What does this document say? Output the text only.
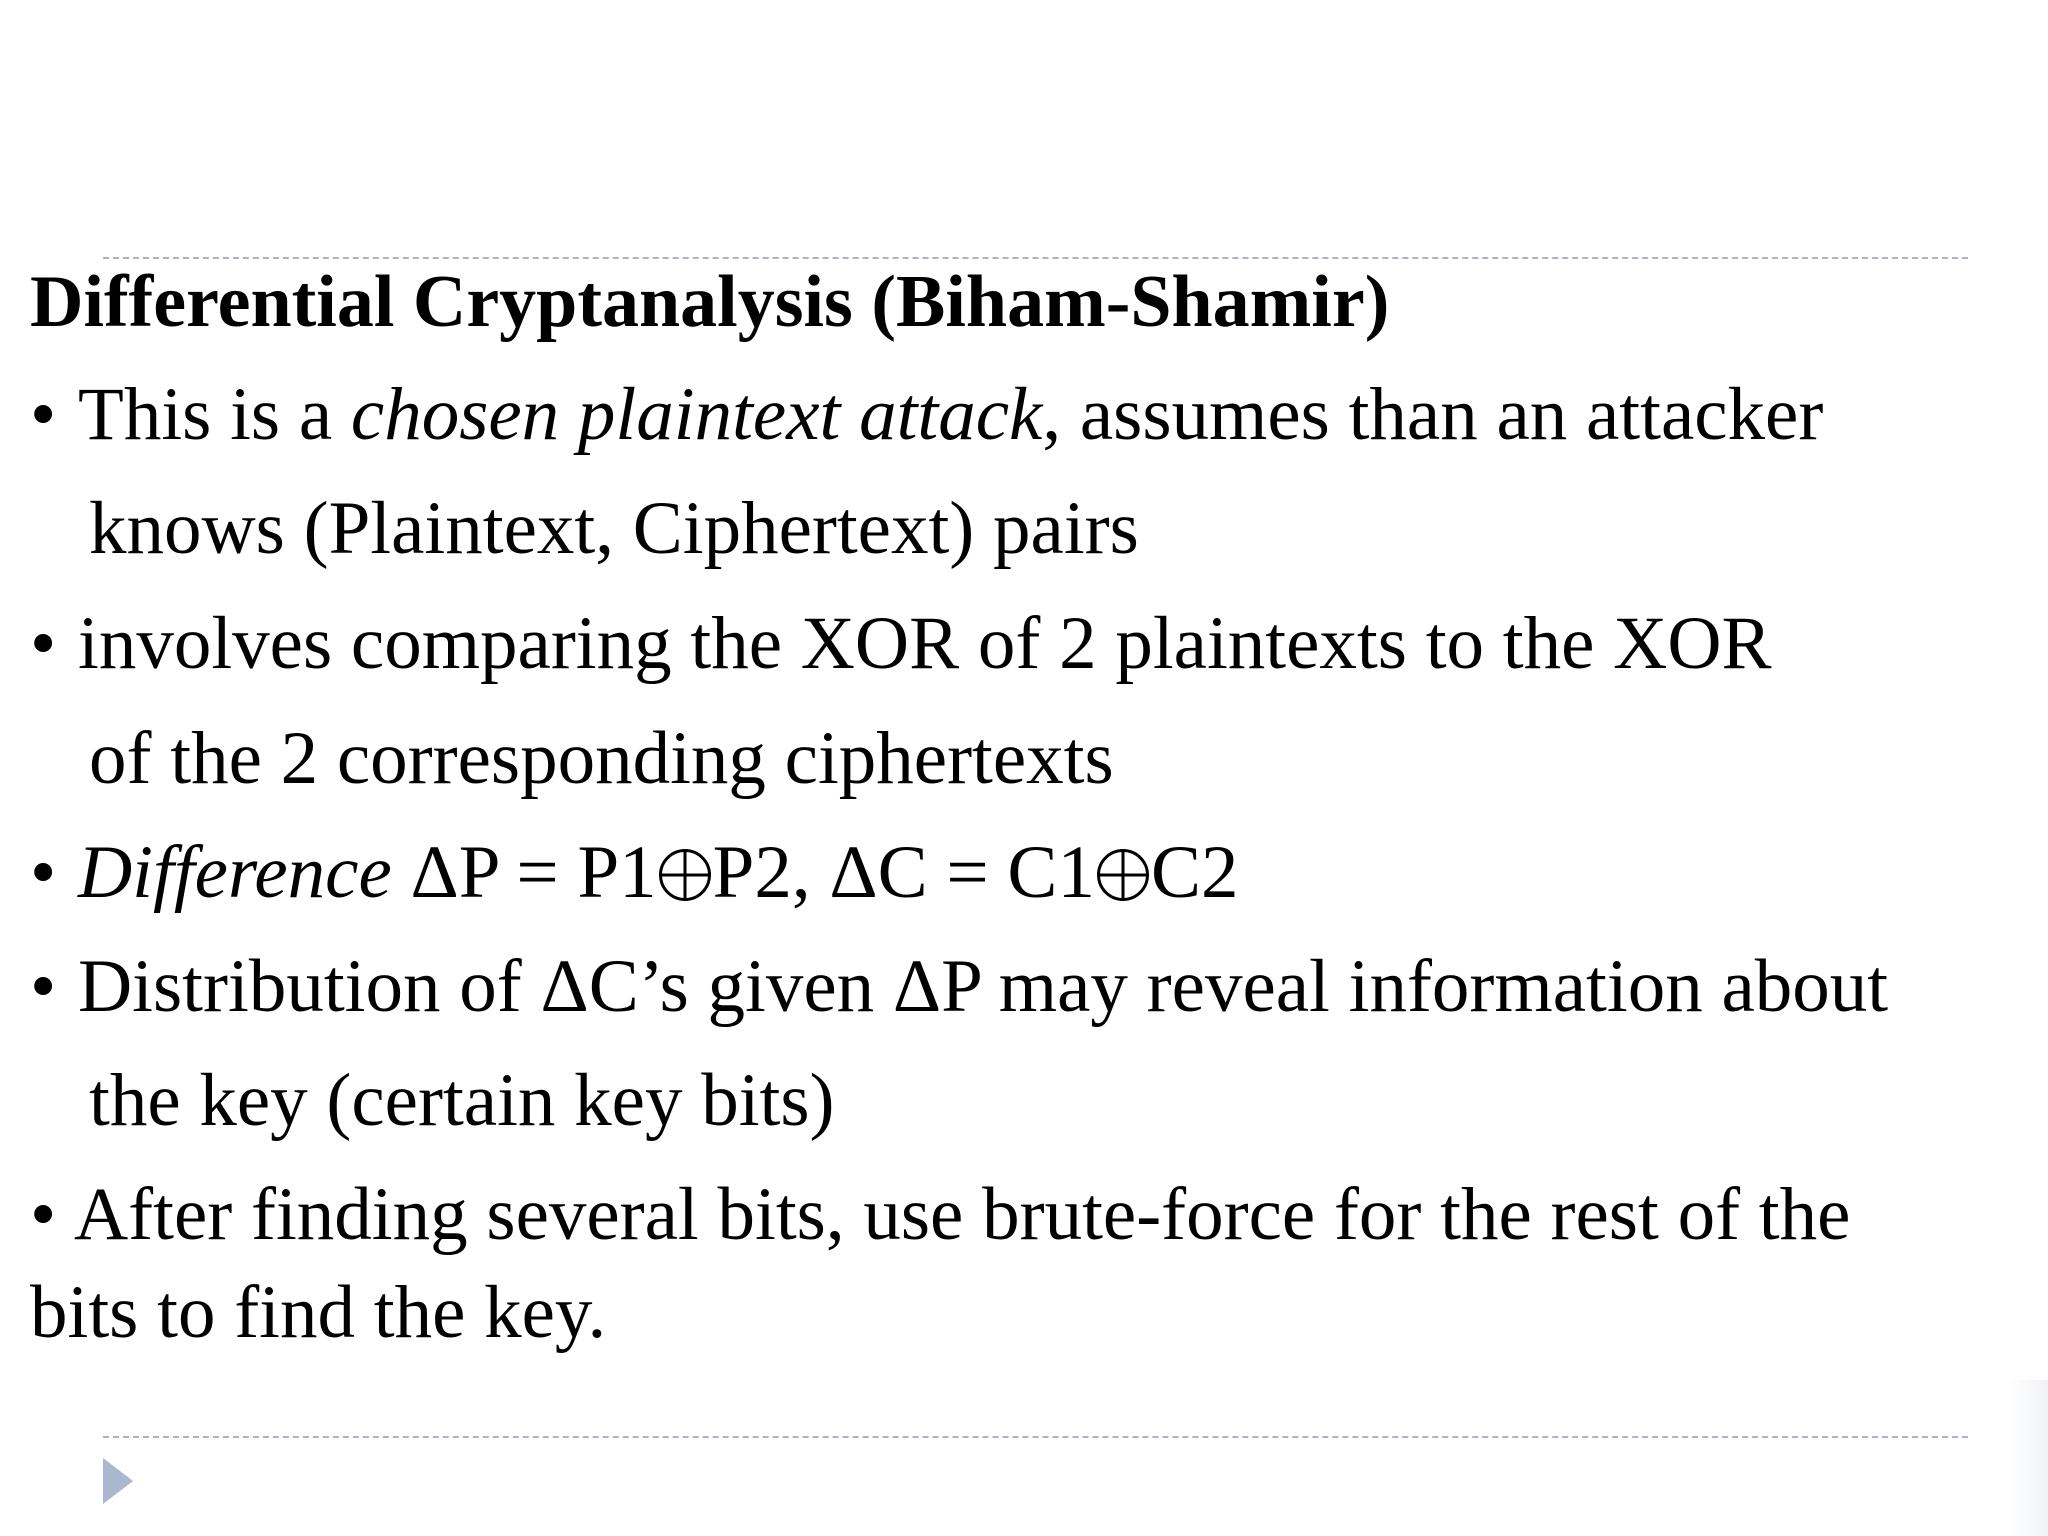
Differential Cryptanalysis (Biham-Shamir)
• This is a chosen plaintext attack, assumes than an attacker
knows (Plaintext, Ciphertext) pairs
• involves comparing the XOR of 2 plaintexts to the XOR
of the 2 corresponding ciphertexts
• Difference ΔP = P1 P2, ΔC = C1 C2
• Distribution of ΔC’s given ΔP may reveal information about
the key (certain key bits)
• After finding several bits, use brute-force for the rest of the
bits to find the key.
